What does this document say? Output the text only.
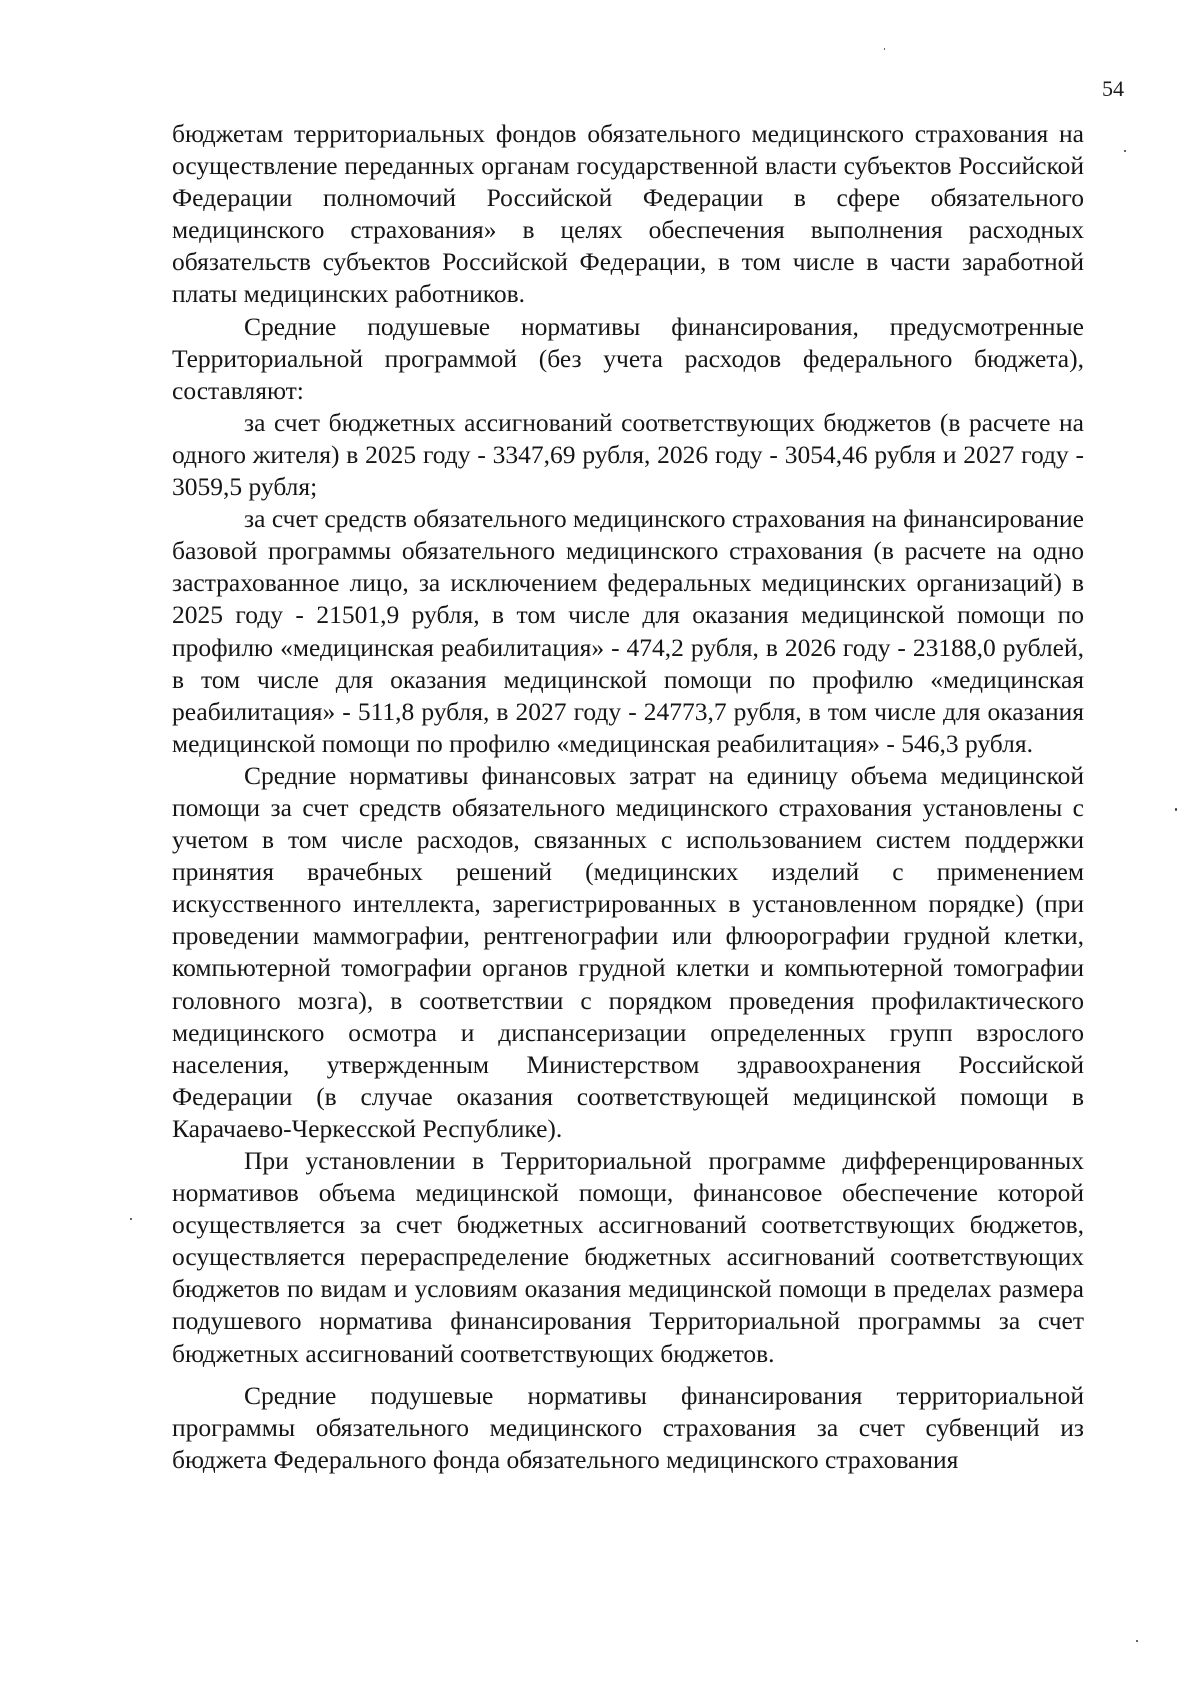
54

бюджетам территориальных фондов обязательного медицинского страхования на осуществление переданных органам государственной власти субъектов Российской Федерации полномочий Российской Федерации в сфере обязательного медицинского страхования» в целях обеспечения выполнения расходных обязательств субъектов Российской Федерации, в том числе в части заработной платы медицинских работников.

Средние подушевые нормативы финансирования, предусмотренные Территориальной программой (без учета расходов федерального бюджета), составляют:

за счет бюджетных ассигнований соответствующих бюджетов (в расчете на одного жителя) в 2025 году - 3347,69 рубля, 2026 году - 3054,46 рубля и 2027 году - 3059,5 рубля;

за счет средств обязательного медицинского страхования на финансирование базовой программы обязательного медицинского страхования (в расчете на одно застрахованное лицо, за исключением федеральных медицинских организаций) в 2025 году - 21501,9 рубля, в том числе для оказания медицинской помощи по профилю «медицинская реабилитация» - 474,2 рубля, в 2026 году - 23188,0 рублей, в том числе для оказания медицинской помощи по профилю «медицинская реабилитация» - 511,8 рубля, в 2027 году - 24773,7 рубля, в том числе для оказания медицинской помощи по профилю «медицинская реабилитация» - 546,3 рубля.

Средние нормативы финансовых затрат на единицу объема медицинской помощи за счет средств обязательного медицинского страхования установлены с учетом в том числе расходов, связанных с использованием систем поддержки принятия врачебных решений (медицинских изделий с применением искусственного интеллекта, зарегистрированных в установленном порядке) (при проведении маммографии, рентгенографии или флюорографии грудной клетки, компьютерной томографии органов грудной клетки и компьютерной томографии головного мозга), в соответствии с порядком проведения профилактического медицинского осмотра и диспансеризации определенных групп взрослого населения, утвержденным Министерством здравоохранения Российской Федерации (в случае оказания соответствующей медицинской помощи в Карачаево-Черкесской Республике).

При установлении в Территориальной программе дифференцированных нормативов объема медицинской помощи, финансовое обеспечение которой осуществляется за счет бюджетных ассигнований соответствующих бюджетов, осуществляется перераспределение бюджетных ассигнований соответствующих бюджетов по видам и условиям оказания медицинской помощи в пределах размера подушевого норматива финансирования Территориальной программы за счет бюджетных ассигнований соответствующих бюджетов.

Средние подушевые нормативы финансирования территориальной программы обязательного медицинского страхования за счет субвенций из бюджета Федерального фонда обязательного медицинского страхования
